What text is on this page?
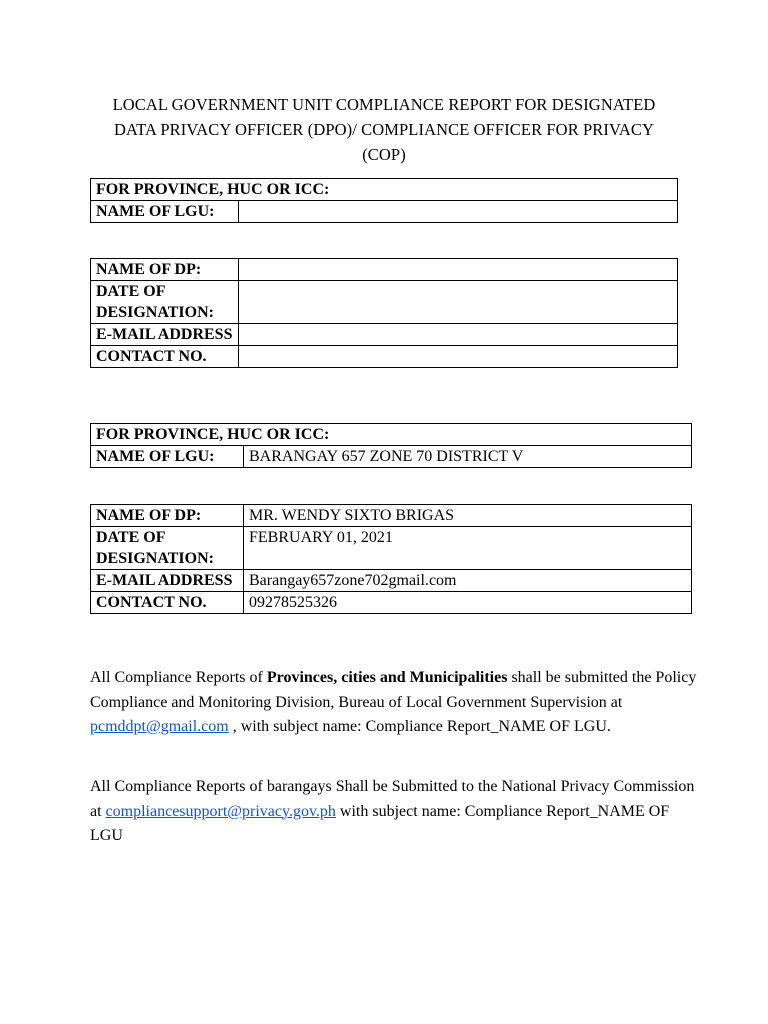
LOCAL GOVERNMENT UNIT COMPLIANCE REPORT FOR DESIGNATED
DATA PRIVACY OFFICER (DPO)/ COMPLIANCE OFFICER FOR PRIVACY
(COP)
FOR PROVINCE, HUC OR ICC:
NAME OF LGU:	
NAME OF DP:	
DATE OF DESIGNATION:	
E-MAIL ADDRESS	
CONTACT NO.	
FOR PROVINCE, HUC OR ICC:
NAME OF LGU:	BARANGAY 657 ZONE 70 DISTRICT V
NAME OF DP:	MR. WENDY SIXTO BRIGAS
DATE OF DESIGNATION:	FEBRUARY 01, 2021
E-MAIL ADDRESS	Barangay657zone702gmail.com
CONTACT NO.	09278525326

All Compliance Reports of Provinces, cities and Municipalities shall be submitted the Policy Compliance and Monitoring Division, Bureau of Local Government Supervision at pcmddpt@gmail.com , with subject name: Compliance Report_NAME OF LGU.

All Compliance Reports of barangays Shall be Submitted to the National Privacy Commission at compliancesupport@privacy.gov.ph with subject name: Compliance Report_NAME OF LGU
